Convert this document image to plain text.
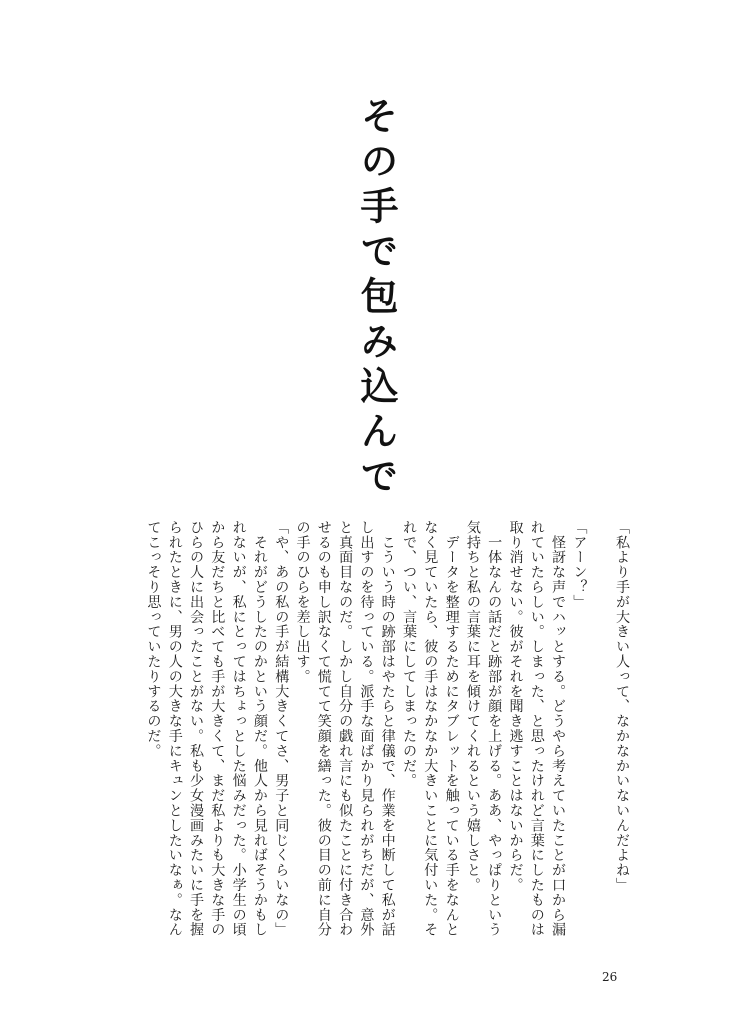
その手で包み込んで

「私より手が大きい人って、なかなかいないんだよね」

「アーン？」

　怪訝な声でハッとする。どうやら考えていたことが口から漏

れていたらしい。しまった、と思ったけれど言葉にしたものは

取り消せない。彼がそれを聞き逃すことはないからだ。

　一体なんの話だと跡部が顔を上げる。ああ、やっぱりという

気持ちと私の言葉に耳を傾けてくれるという嬉しさと。

　データを整理するためにタブレットを触っている手をなんと

なく見ていたら、彼の手はなかなか大きいことに気付いた。そ

れで、つい、言葉にしてしまったのだ。

　こういう時の跡部はやたらと律儀で、作業を中断して私が話

し出すのを待っている。派手な面ばかり見られがちだが、意外

と真面目なのだ。しかし自分の戯れ言にも似たことに付き合わ

せるのも申し訳なくて慌てて笑顔を繕った。彼の目の前に自分

の手のひらを差し出す。

「や、あの私の手が結構大きくてさ、男子と同じくらいなの」

　それがどうしたのかという顔だ。他人から見ればそうかもし

れないが、私にとってはちょっとした悩みだった。小学生の頃

から友だちと比べても手が大きくて、まだ私よりも大きな手の

ひらの人に出会ったことがない。私も少女漫画みたいに手を握

られたときに、男の人の大きな手にキュンとしたいなぁ。なん

てこっそり思っていたりするのだ。

26
